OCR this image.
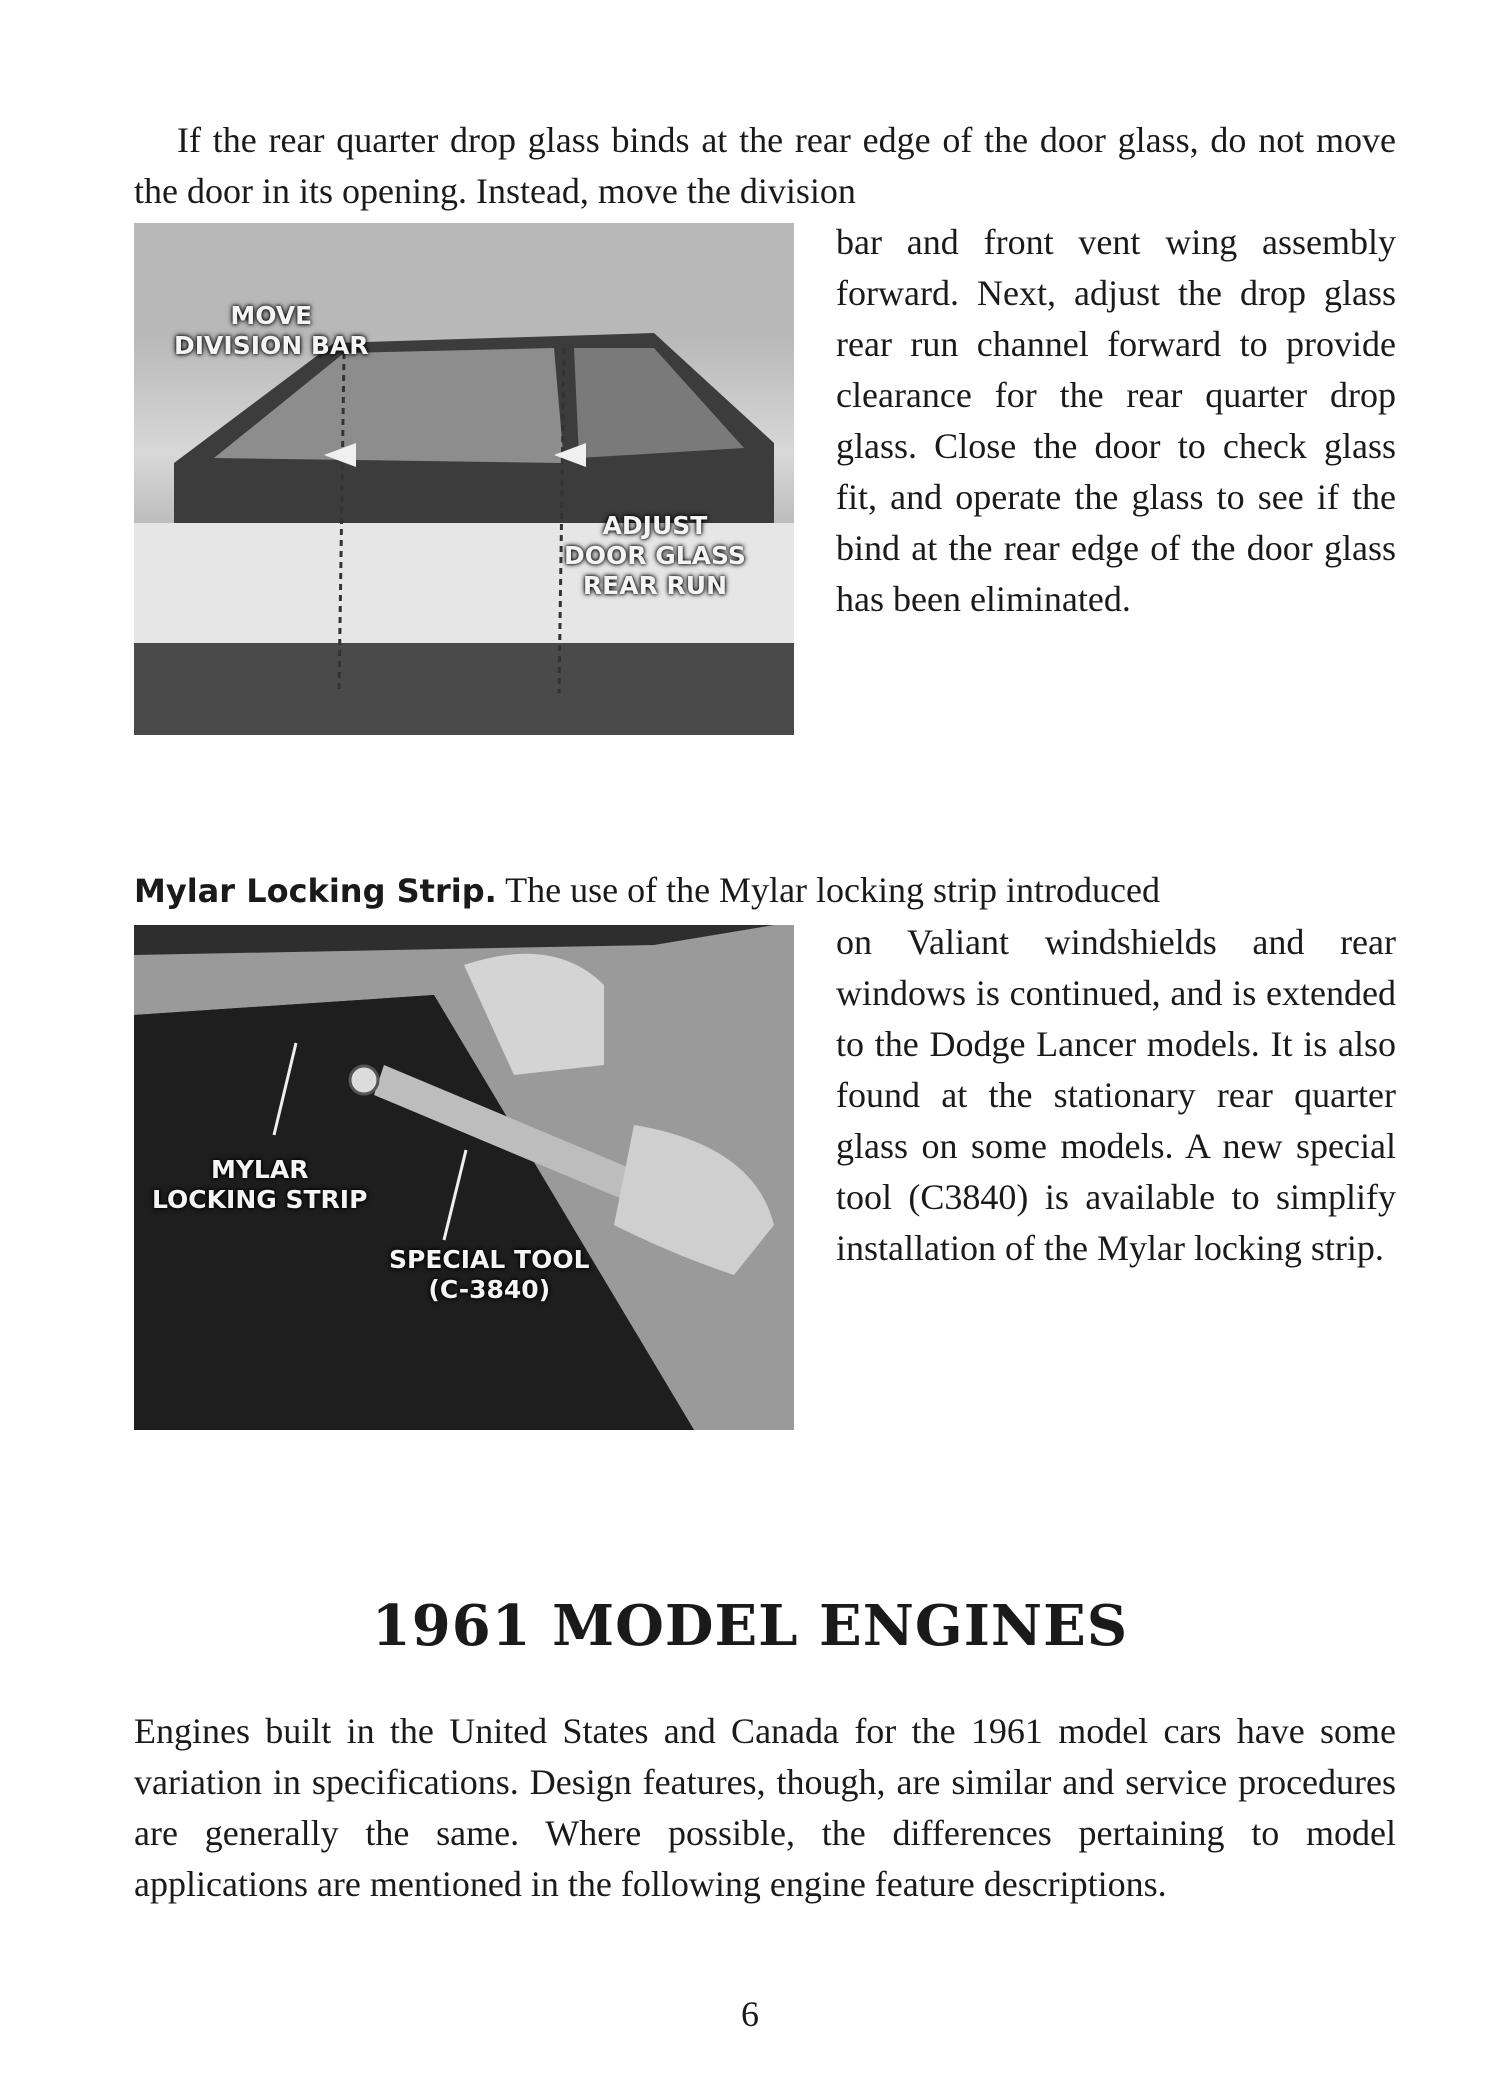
If the rear quarter drop glass binds at the rear edge of the door glass, do not move the door in its opening. Instead, move the division

MOVE
DIVISION BAR
ADJUST
DOOR GLASS
REAR RUN

bar and front vent wing assembly forward. Next, adjust the drop glass rear run channel forward to provide clearance for the rear quarter drop glass. Close the door to check glass fit, and operate the glass to see if the bind at the rear edge of the door glass has been eliminated.

Mylar Locking Strip. The use of the Mylar locking strip introduced

MYLAR
LOCKING STRIP
SPECIAL TOOL
(C-3840)

on Valiant windshields and rear windows is continued, and is extended to the Dodge Lancer models. It is also found at the stationary rear quarter glass on some models. A new special tool (C3840) is available to simplify installation of the Mylar locking strip.

1961 MODEL ENGINES

Engines built in the United States and Canada for the 1961 model cars have some variation in specifications. Design features, though, are similar and service procedures are generally the same. Where possible, the differences pertaining to model applications are mentioned in the following engine feature descriptions.

6
